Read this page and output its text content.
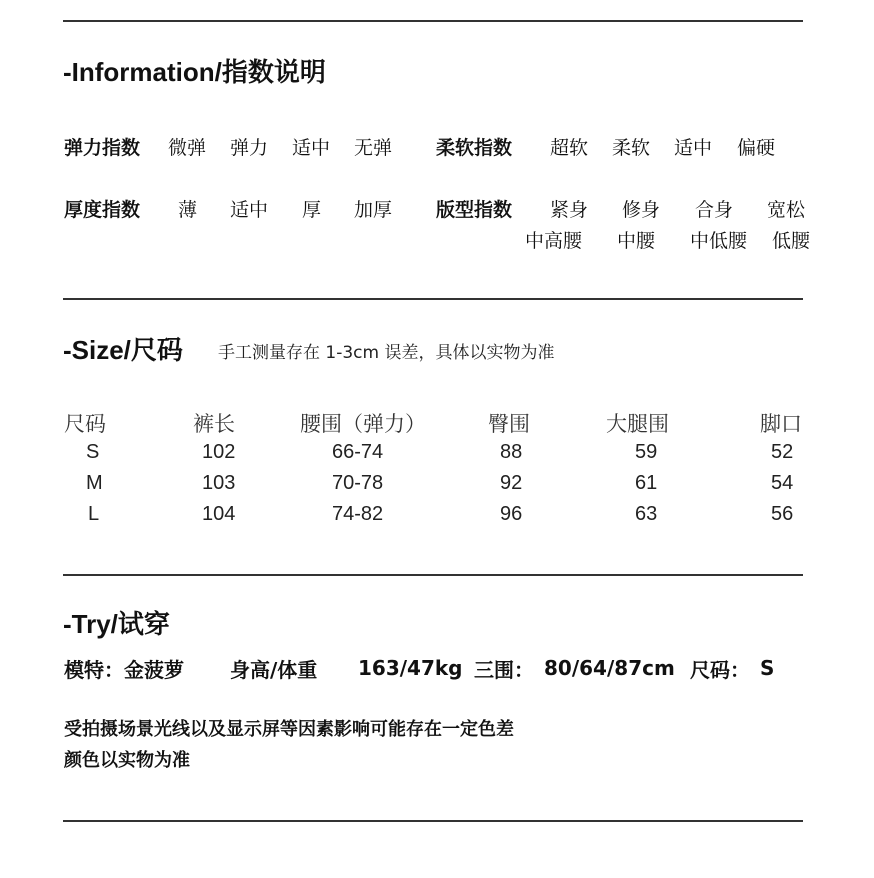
-Information/指数说明
弹力指数 微弹 弹力 适中 无弹 柔软指数 超软 柔软 适中 偏硬
厚度指数 薄 适中 厚 加厚 版型指数 紧身 修身 合身 宽松
中高腰 中腰 中低腰 低腰
-Size/尺码 手工测量存在 1-3cm 误差，具体以实物为准
尺码	裤长	腰围（弹力）	臀围	大腿围	脚口
S	102	66-74	88	59	52
M	103	70-78	92	61	54
L	104	74-82	96	63	56
-Try/试穿
模特：金菠萝 身高/体重 163/47kg 三围： 80/64/87cm 尺码： S
受拍摄场景光线以及显示屏等因素影响可能存在一定色差
颜色以实物为准
